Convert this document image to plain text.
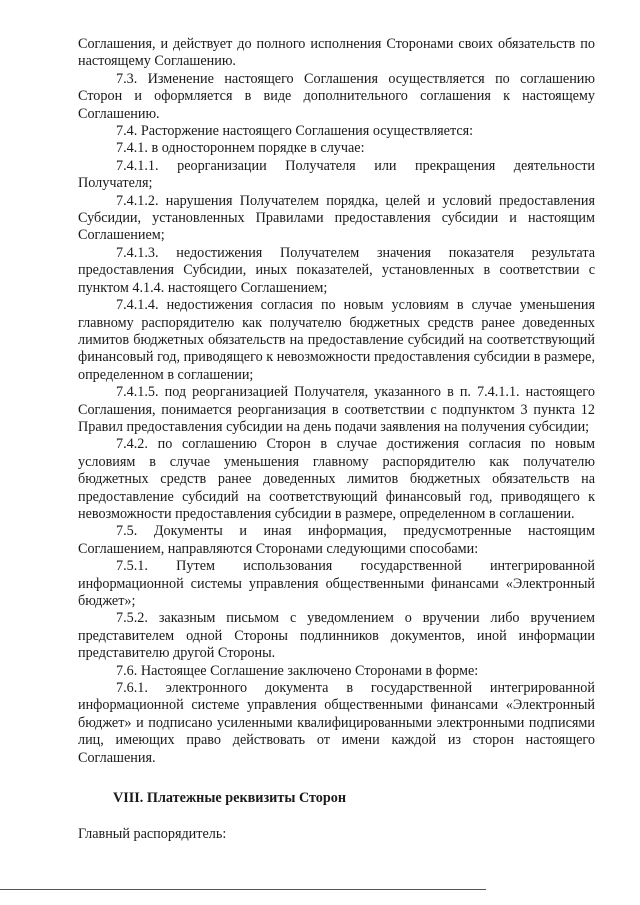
Соглашения, и действует до полного исполнения Сторонами своих обязательств по настоящему Соглашению.

7.3. Изменение настоящего Соглашения осуществляется по соглашению Сторон и оформляется в виде дополнительного соглашения к настоящему Соглашению.

7.4. Расторжение настоящего Соглашения осуществляется:

7.4.1. в одностороннем порядке в случае:

7.4.1.1. реорганизации Получателя или прекращения деятельности Получателя;

7.4.1.2. нарушения Получателем порядка, целей и условий предоставления Субсидии, установленных Правилами предоставления субсидии и настоящим Соглашением;

7.4.1.3. недостижения Получателем значения показателя результата предоставления Субсидии, иных показателей, установленных в соответствии с пунктом 4.1.4. настоящего Соглашением;

7.4.1.4. недостижения согласия по новым условиям в случае уменьшения главному распорядителю как получателю бюджетных средств ранее доведенных лимитов бюджетных обязательств на предоставление субсидий на соответствующий финансовый год, приводящего к невозможности предоставления субсидии в размере, определенном в соглашении;

7.4.1.5. под реорганизацией Получателя, указанного в п. 7.4.1.1. настоящего Соглашения, понимается реорганизация в соответствии с подпунктом 3 пункта 12 Правил предоставления субсидии на день подачи заявления на получения субсидии;

7.4.2. по соглашению Сторон в случае достижения согласия по новым условиям в случае уменьшения главному распорядителю как получателю бюджетных средств ранее доведенных лимитов бюджетных обязательств на предоставление субсидий на соответствующий финансовый год, приводящего к невозможности предоставления субсидии в размере, определенном в соглашении.

7.5. Документы и иная информация, предусмотренные настоящим Соглашением, направляются Сторонами следующими способами:

7.5.1. Путем использования государственной интегрированной информационной системы управления общественными финансами «Электронный бюджет»;

7.5.2. заказным письмом с уведомлением о вручении либо вручением представителем одной Стороны подлинников документов, иной информации представителю другой Стороны.

7.6. Настоящее Соглашение заключено Сторонами в форме:

7.6.1. электронного документа в государственной интегрированной информационной системе управления общественными финансами «Электронный бюджет» и подписано усиленными квалифицированными электронными подписями лиц, имеющих право действовать от имени каждой из сторон настоящего Соглашения.

VIII. Платежные реквизиты Сторон

Главный распорядитель:
